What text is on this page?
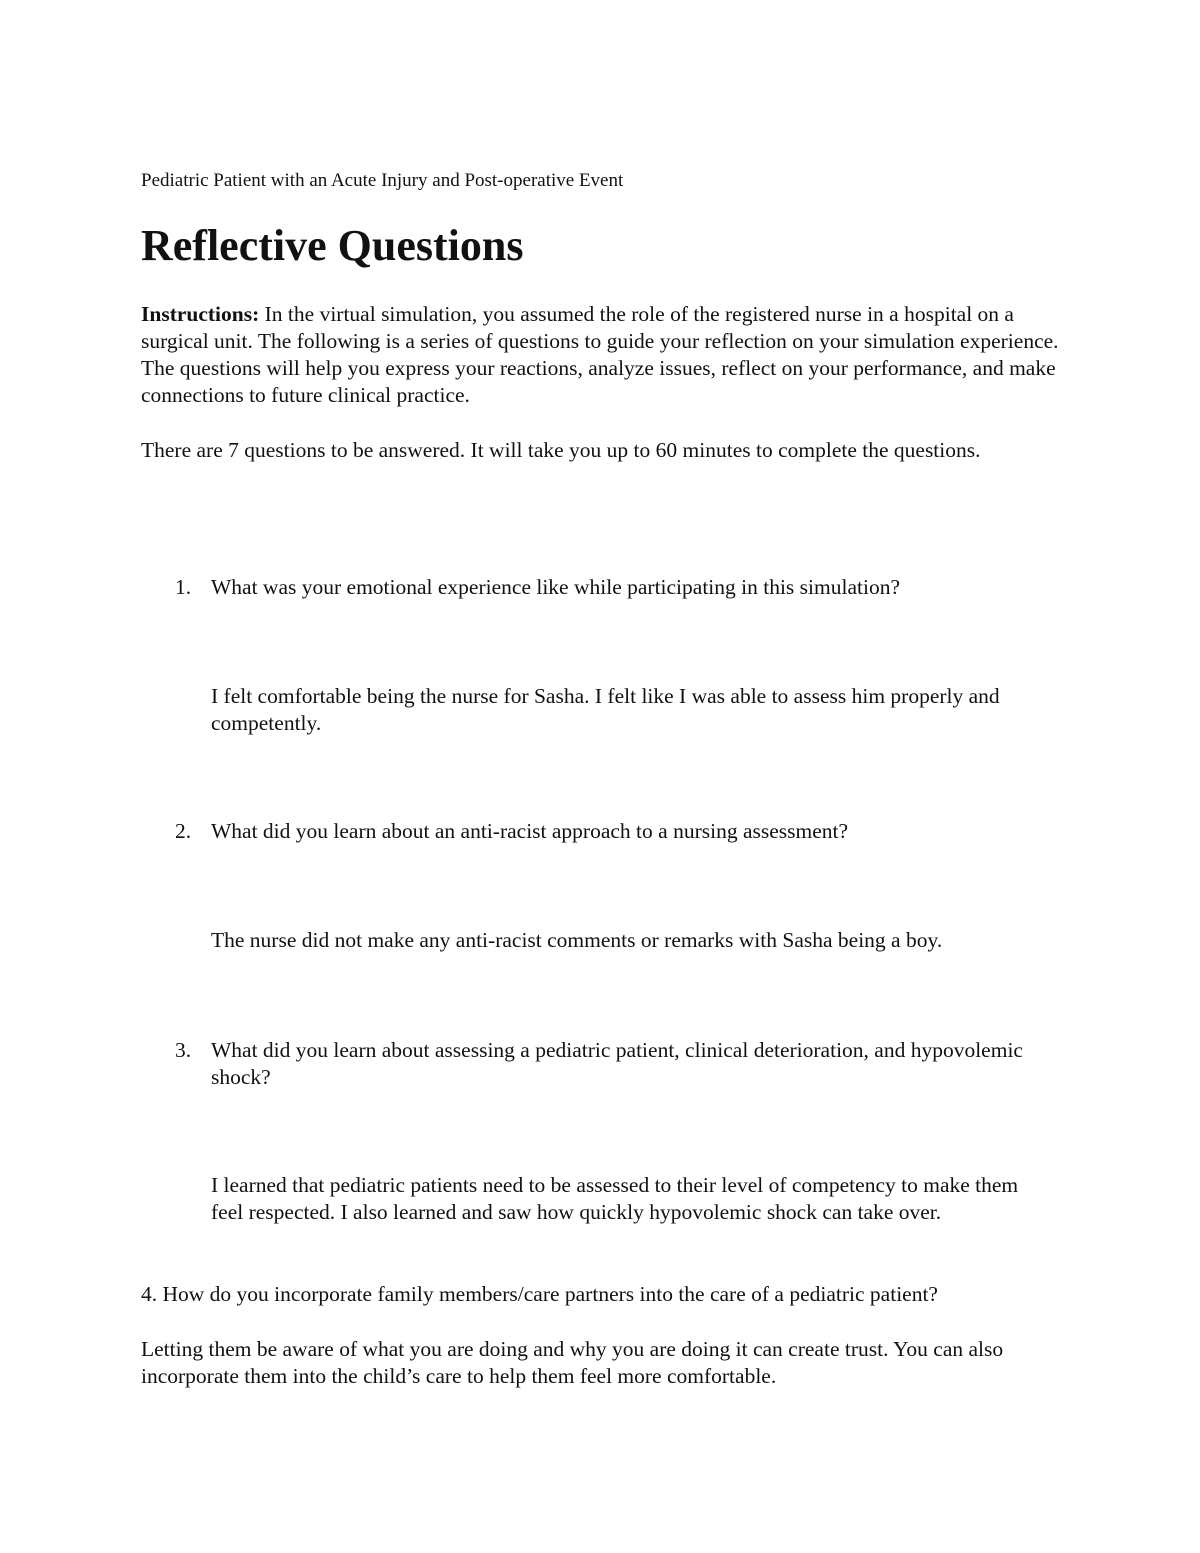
Pediatric Patient with an Acute Injury and Post-operative Event
Reflective Questions
Instructions: In the virtual simulation, you assumed the role of the registered nurse in a hospital on a surgical unit. The following is a series of questions to guide your reflection on your simulation experience. The questions will help you express your reactions, analyze issues, reflect on your performance, and make connections to future clinical practice.
There are 7 questions to be answered. It will take you up to 60 minutes to complete the questions.
1. What was your emotional experience like while participating in this simulation?
I felt comfortable being the nurse for Sasha. I felt like I was able to assess him properly and competently.
2. What did you learn about an anti-racist approach to a nursing assessment?
The nurse did not make any anti-racist comments or remarks with Sasha being a boy.
3. What did you learn about assessing a pediatric patient, clinical deterioration, and hypovolemic shock?
I learned that pediatric patients need to be assessed to their level of competency to make them feel respected. I also learned and saw how quickly hypovolemic shock can take over.
4. How do you incorporate family members/care partners into the care of a pediatric patient?
Letting them be aware of what you are doing and why you are doing it can create trust. You can also incorporate them into the child’s care to help them feel more comfortable.
